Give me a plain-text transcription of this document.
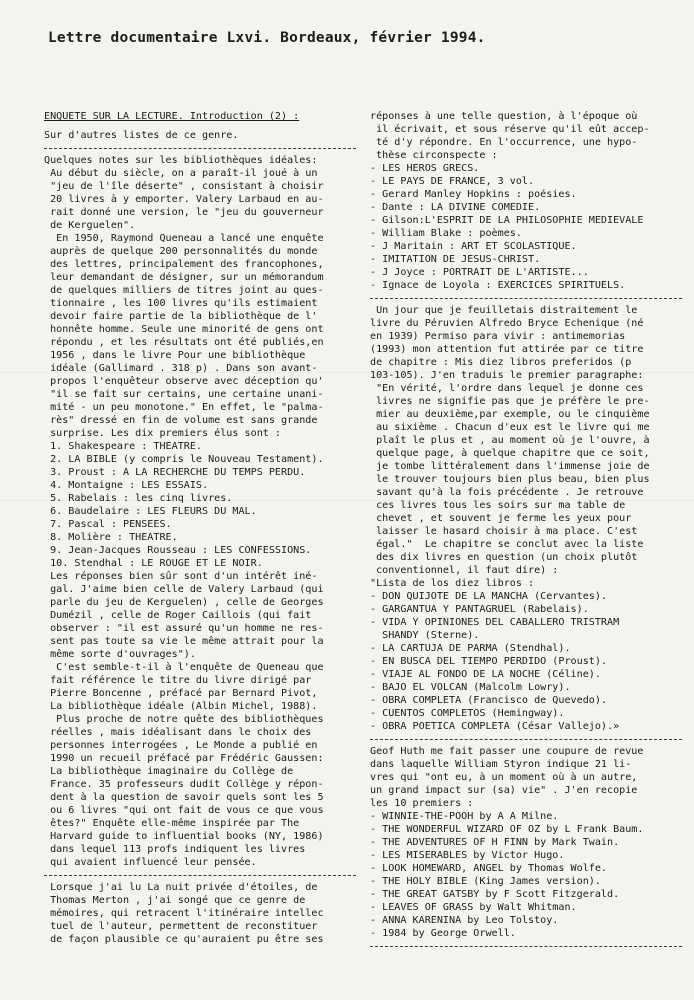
Lettre documentaire Lxvi. Bordeaux, février 1994.
ENQUETE SUR LA LECTURE. Introduction (2) :
Sur d'autres listes de ce genre.
Quelques notes sur les bibliothèques idéales:
Au début du siècle, on a paraît-il joué à un
"jeu de l'île déserte" , consistant à choisir
20 livres à y emporter. Valery Larbaud en au-
rait donné une version, le "jeu du gouverneur
de Kerguelen".
En 1950, Raymond Queneau a lancé une enquête
auprès de quelque 200 personnalités du monde
des lettres, principalement des francophones,
leur demandant de désigner, sur un mémorandum
de quelques milliers de titres joint au ques-
tionnaire , les 100 livres qu'ils estimaient
devoir faire partie de la bibliothèque de l'
honnête homme. Seule une minorité de gens ont
répondu , et les résultats ont été publiés,en
1956 , dans le livre Pour une bibliothèque
idéale (Gallimard . 318 p) . Dans son avant-
propos l'enquêteur observe avec déception qu'
"il se fait sur certains, une certaine unani-
mité - un peu monotone." En effet, le "palma-
rès" dressé en fin de volume est sans grande
surprise. Les dix premiers élus sont :
1. Shakespeare : THEATRE.
2. LA BIBLE (y compris le Nouveau Testament).
3. Proust : A LA RECHERCHE DU TEMPS PERDU.
4. Montaigne : LES ESSAIS.
5. Rabelais : les cinq livres.
6. Baudelaire : LES FLEURS DU MAL.
7. Pascal : PENSEES.
8. Molière : THEATRE.
9. Jean-Jacques Rousseau : LES CONFESSIONS.
10. Stendhal : LE ROUGE ET LE NOIR.
Les réponses bien sûr sont d'un intérêt iné-
gal. J'aime bien celle de Valery Larbaud (qui
parle du jeu de Kerguelen) , celle de Georges
Dumézil , celle de Roger Caillois (qui fait
observer : "il est assuré qu'un homme ne res-
sent pas toute sa vie le même attrait pour la
même sorte d'ouvrages").
C'est semble-t-il à l'enquête de Queneau que
fait référence le titre du livre dirigé par
Pierre Boncenne , préfacé par Bernard Pivot,
La bibliothèque idéale (Albin Michel, 1988).
Plus proche de notre quête des bibliothèques
réelles , mais idéalisant dans le choix des
personnes interrogées , Le Monde a publié en
1990 un recueil préfacé par Frédéric Gaussen:
La bibliothèque imaginaire du Collège de
France. 35 professeurs dudit Collège y répon-
dent à la question de savoir quels sont les 5
ou 6 livres "qui ont fait de vous ce que vous
êtes?" Enquête elle-même inspirée par The
Harvard guide to influential books (NY, 1986)
dans lequel 113 profs indiquent les livres
qui avaient influencé leur pensée.
Lorsque j'ai lu La nuit privée d'étoiles, de
Thomas Merton , j'ai songé que ce genre de
mémoires, qui retracent l'itinéraire intellec
tuel de l'auteur, permettent de reconstituer
de façon plausible ce qu'auraient pu être ses
réponses à une telle question, à l'époque où
il écrivait, et sous réserve qu'il eût accep-
té d'y répondre. En l'occurrence, une hypo-
thèse circonspecte :
- LES HEROS GRECS.
- LE PAYS DE FRANCE, 3 vol.
- Gerard Manley Hopkins : poésies.
- Dante : LA DIVINE COMEDIE.
- Gilson:L'ESPRIT DE LA PHILOSOPHIE MEDIEVALE
- William Blake : poèmes.
- J Maritain : ART ET SCOLASTIQUE.
- IMITATION DE JESUS-CHRIST.
- J Joyce : PORTRAIT DE L'ARTISTE...
- Ignace de Loyola : EXERCICES SPIRITUELS.
Un jour que je feuilletais distraitement le
livre du Péruvien Alfredo Bryce Echenique (né
en 1939) Permiso para vivir : antimemorias
(1993) mon attention fut attirée par ce titre
de chapitre : Mis diez libros preferidos (p
103-105). J'en traduis le premier paragraphe:
"En vérité, l'ordre dans lequel je donne ces
livres ne signifie pas que je préfère le pre-
mier au deuxième,par exemple, ou le cinquième
au sixième . Chacun d'eux est le livre qui me
plaît le plus et , au moment où je l'ouvre, à
quelque page, à quelque chapitre que ce soit,
je tombe littéralement dans l'immense joie de
le trouver toujours bien plus beau, bien plus
savant qu'à la fois précédente . Je retrouve
ces livres tous les soirs sur ma table de
chevet , et souvent je ferme les yeux pour
laisser le hasard choisir à ma place. C'est
égal."  Le chapitre se conclut avec la liste
des dix livres en question (un choix plutôt
conventionnel, il faut dire) :
"Lista de los diez libros :
- DON QUIJOTE DE LA MANCHA (Cervantes).
- GARGANTUA Y PANTAGRUEL (Rabelais).
- VIDA Y OPINIONES DEL CABALLERO TRISTRAM
SHANDY (Sterne).
- LA CARTUJA DE PARMA (Stendhal).
- EN BUSCA DEL TIEMPO PERDIDO (Proust).
- VIAJE AL FONDO DE LA NOCHE (Céline).
- BAJO EL VOLCAN (Malcolm Lowry).
- OBRA COMPLETA (Francisco de Quevedo).
- CUENTOS COMPLETOS (Hemingway).
- OBRA POETICA COMPLETA (César Vallejo).»
Geof Huth me fait passer une coupure de revue
dans laquelle William Styron indique 21 li-
vres qui "ont eu, à un moment où à un autre,
un grand impact sur (sa) vie" . J'en recopie
les 10 premiers :
- WINNIE-THE-POOH by A A Milne.
- THE WONDERFUL WIZARD OF OZ by L Frank Baum.
- THE ADVENTURES OF H FINN by Mark Twain.
- LES MISERABLES by Victor Hugo.
- LOOK HOMEWARD, ANGEL by Thomas Wolfe.
- THE HOLY BIBLE (King James version).
- THE GREAT GATSBY by F Scott Fitzgerald.
- LEAVES OF GRASS by Walt Whitman.
- ANNA KARENINA by Leo Tolstoy.
- 1984 by George Orwell.
